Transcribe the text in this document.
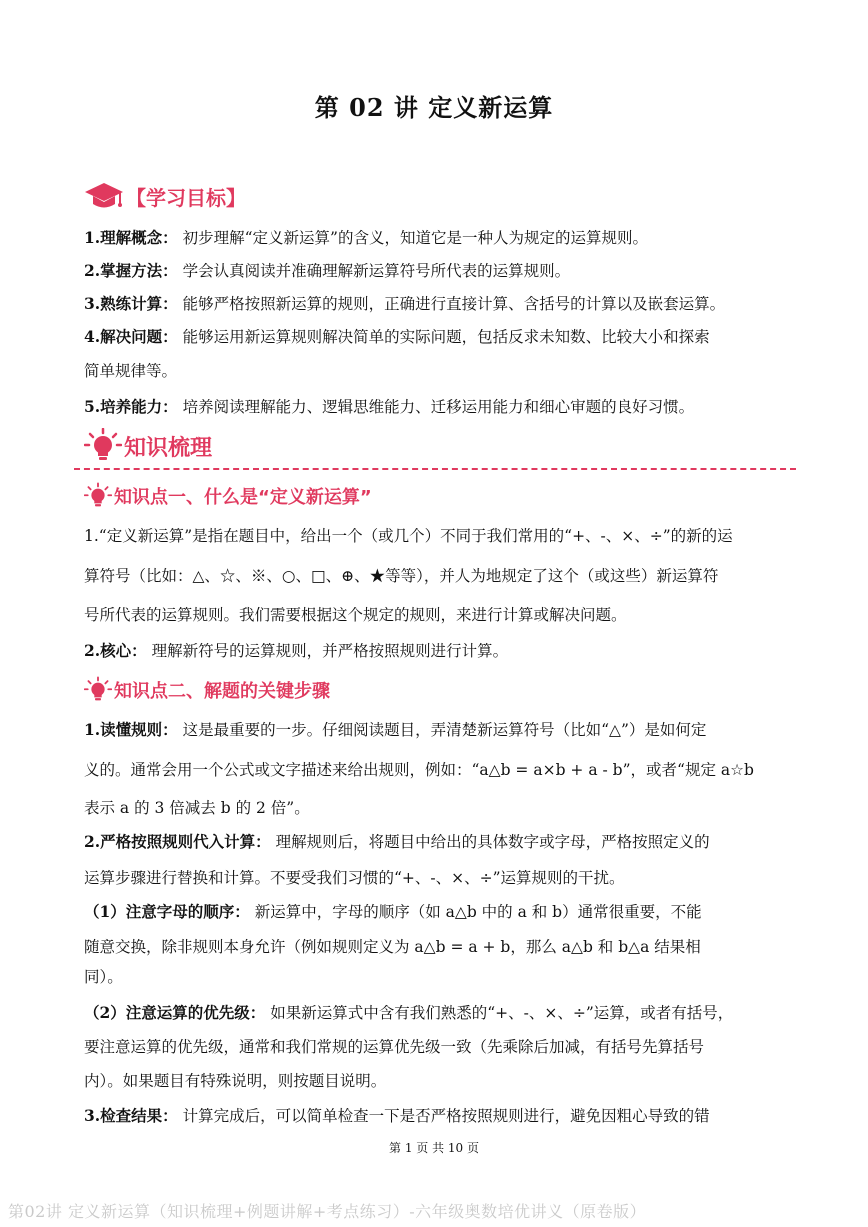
第 02 讲 定义新运算
【学习目标】
1.理解概念： 初步理解“定义新运算”的含义，知道它是一种人为规定的运算规则。
2.掌握方法： 学会认真阅读并准确理解新运算符号所代表的运算规则。
3.熟练计算： 能够严格按照新运算的规则，正确进行直接计算、含括号的计算以及嵌套运算。
4.解决问题： 能够运用新运算规则解决简单的实际问题，包括反求未知数、比较大小和探索
简单规律等。
5.培养能力： 培养阅读理解能力、逻辑思维能力、迁移运用能力和细心审题的良好习惯。
知识梳理
知识点一、什么是“定义新运算”
1.“定义新运算”是指在题目中，给出一个（或几个）不同于我们常用的“+、-、×、÷”的新的运
算符号（比如：△、☆、※、○、□、⊕、★等等），并人为地规定了这个（或这些）新运算符
号所代表的运算规则。我们需要根据这个规定的规则，来进行计算或解决问题。
2.核心： 理解新符号的运算规则，并严格按照规则进行计算。
知识点二、解题的关键步骤
1.读懂规则： 这是最重要的一步。仔细阅读题目，弄清楚新运算符号（比如“△”）是如何定
义的。通常会用一个公式或文字描述来给出规则，例如：“a△b = a×b + a - b”，或者“规定 a☆b
表示 a 的 3 倍减去 b 的 2 倍”。
2.严格按照规则代入计算： 理解规则后，将题目中给出的具体数字或字母，严格按照定义的
运算步骤进行替换和计算。不要受我们习惯的“+、-、×、÷”运算规则的干扰。
（1）注意字母的顺序： 新运算中，字母的顺序（如 a△b 中的 a 和 b）通常很重要，不能
随意交换，除非规则本身允许（例如规则定义为 a△b = a + b，那么 a△b 和 b△a 结果相
同）。
（2）注意运算的优先级： 如果新运算式中含有我们熟悉的“+、-、×、÷”运算，或者有括号，
要注意运算的优先级，通常和我们常规的运算优先级一致（先乘除后加减，有括号先算括号
内）。如果题目有特殊说明，则按题目说明。
3.检查结果： 计算完成后，可以简单检查一下是否严格按照规则进行，避免因粗心导致的错
第 1 页 共 10 页
第02讲 定义新运算（知识梳理+例题讲解+考点练习）-六年级奥数培优讲义（原卷版）
